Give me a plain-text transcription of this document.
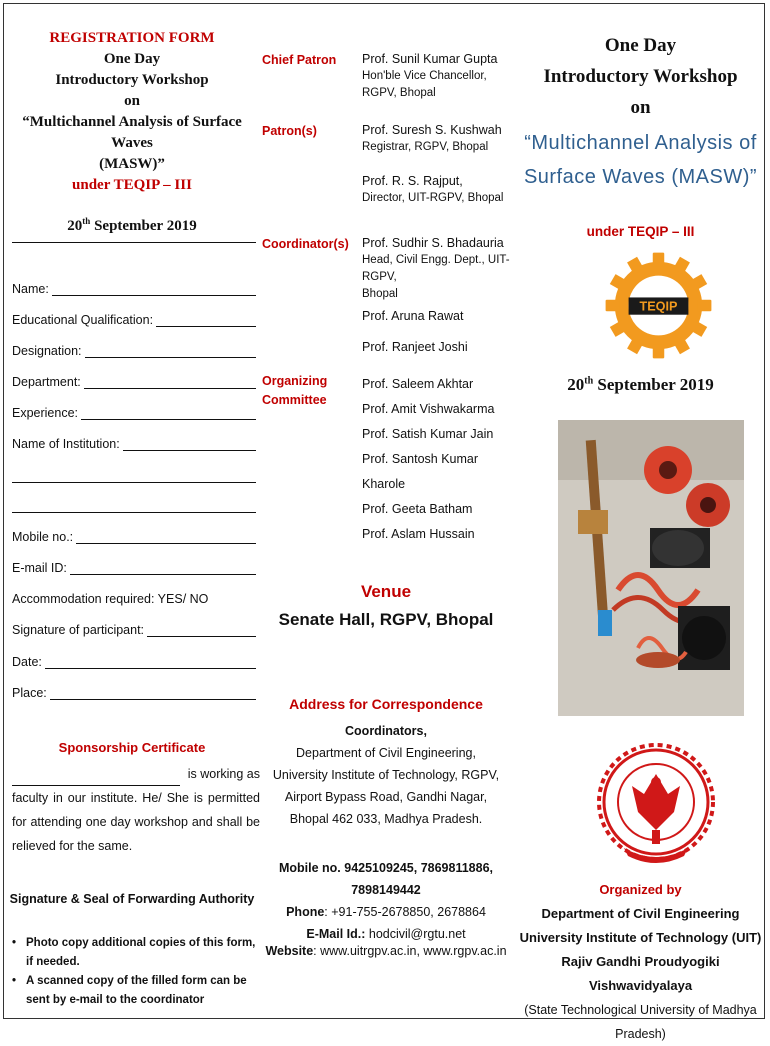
REGISTRATION FORM
One Day
Introductory Workshop
on
“Multichannel Analysis of Surface Waves
(MASW)”
under TEQIP – III
20th September 2019
Name:
Educational Qualification:
Designation:
Department:
Experience:
Name of Institution:
Mobile no.:
E-mail ID:
Accommodation required: YES/ NO
Signature of participant:
Date:
Place:
Sponsorship Certificate
is working as
faculty in our institute. He/ She is permitted for attending one day workshop and shall be relieved for the same.
Signature & Seal of Forwarding Authority
• Photo copy additional copies of this form, if needed.
• A scanned copy of the filled form can be sent by e-mail to the coordinator
Chief Patron	Prof. Sunil Kumar Gupta
Hon'ble Vice Chancellor,
RGPV, Bhopal
Patron(s)	Prof. Suresh S. Kushwah
Registrar, RGPV, Bhopal
Prof. R. S. Rajput,
Director, UIT-RGPV, Bhopal
Coordinator(s)	Prof. Sudhir S. Bhadauria
Head, Civil Engg. Dept., UIT-RGPV,
Bhopal
Prof. Aruna Rawat
Prof. Ranjeet Joshi
Organizing
Committee
Prof. Saleem Akhtar
Prof. Amit Vishwakarma
Prof. Satish Kumar Jain
Prof. Santosh Kumar Kharole
Prof. Geeta Batham
Prof. Aslam Hussain
Venue
Senate Hall, RGPV, Bhopal
Address for Correspondence
Coordinators,
Department of Civil Engineering,
University Institute of Technology, RGPV,
Airport Bypass Road, Gandhi Nagar,
Bhopal 462 033, Madhya Pradesh.
Mobile no. 9425109245, 7869811886, 7898149442
Phone: +91-755-2678850, 2678864
E-Mail Id.: hodcivil@rgtu.net
Website: www.uitrgpv.ac.in, www.rgpv.ac.in
One Day
Introductory Workshop
on
“Multichannel Analysis of
Surface Waves (MASW)”
under TEQIP – III
TEQIP
20th September 2019
Organized by
Department of Civil Engineering
University Institute of Technology (UIT)
Rajiv Gandhi Proudyogiki Vishwavidyalaya
(State Technological University of Madhya Pradesh)
